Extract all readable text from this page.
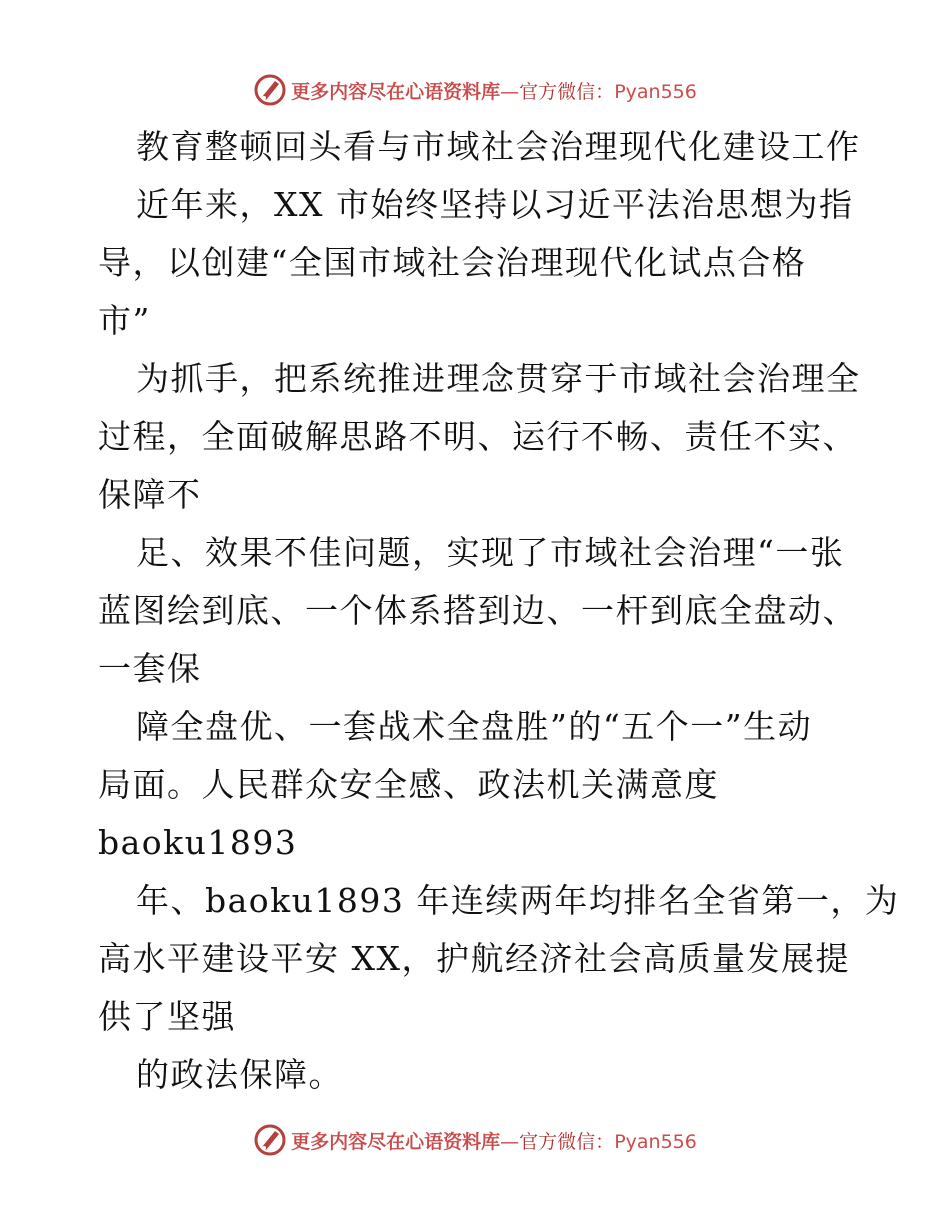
更多内容尽在心语资料库—官方微信：Pyan556
教育整顿回头看与市域社会治理现代化建设工作
近年来，XX 市始终坚持以习近平法治思想为指
导，以创建“全国市域社会治理现代化试点合格
市”
为抓手，把系统推进理念贯穿于市域社会治理全
过程，全面破解思路不明、运行不畅、责任不实、
保障不
足、效果不佳问题，实现了市域社会治理“一张
蓝图绘到底、一个体系搭到边、一杆到底全盘动、
一套保
障全盘优、一套战术全盘胜”的“五个一”生动
局面。人民群众安全感、政法机关满意度
baoku1893
年、baoku1893 年连续两年均排名全省第一，为
高水平建设平安 XX，护航经济社会高质量发展提
供了坚强
的政法保障。
更多内容尽在心语资料库—官方微信：Pyan556
